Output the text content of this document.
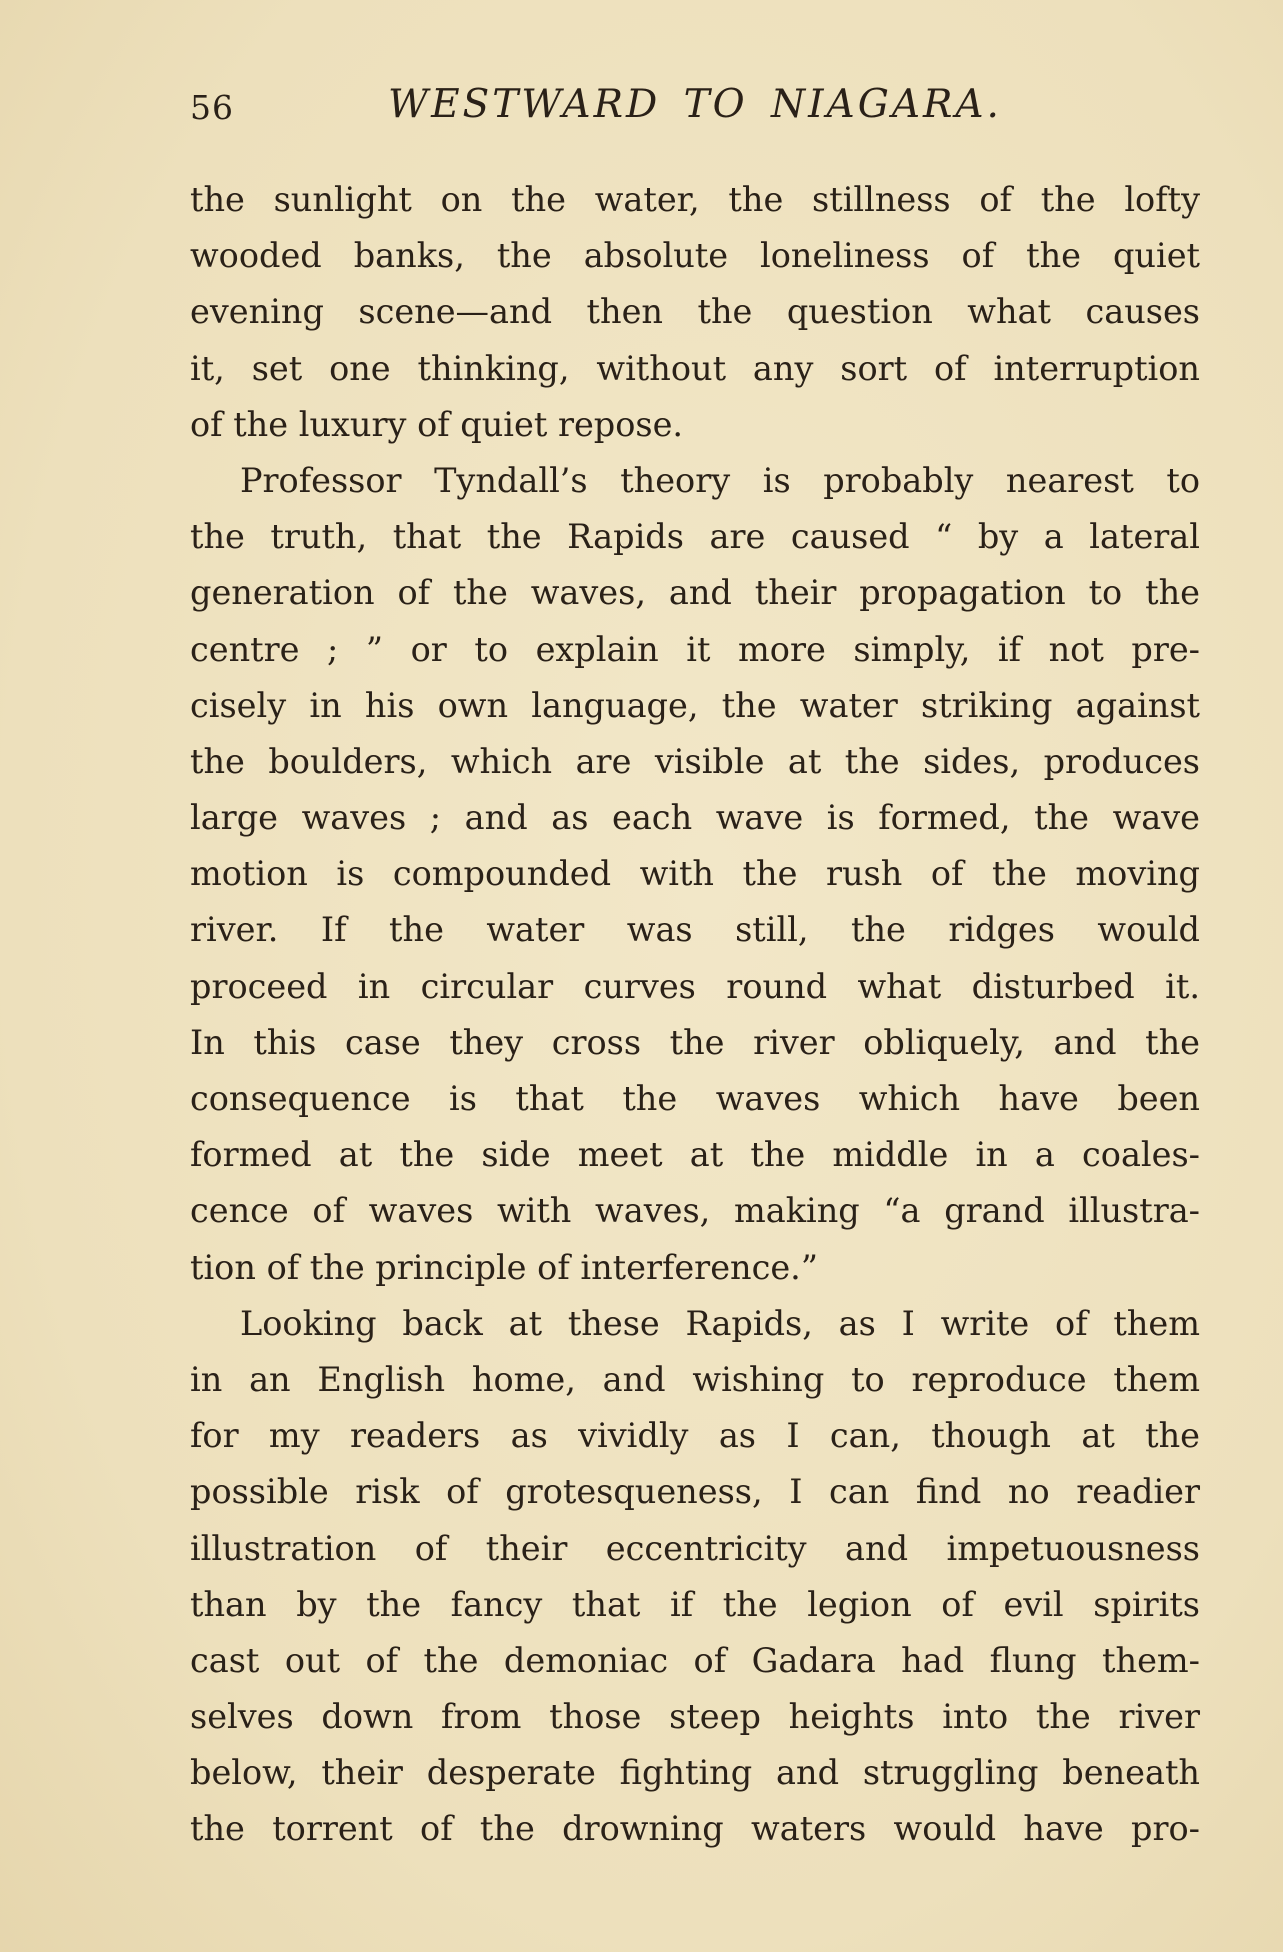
56	WESTWARD TO NIAGARA.
the sunlight on the water, the stillness of the lofty
wooded banks, the absolute loneliness of the quiet
evening scene—and then the question what causes
it, set one thinking, without any sort of interruption
of the luxury of quiet repose.
Professor Tyndall’s theory is probably nearest to
the truth, that the Rapids are caused “ by a lateral
generation of the waves, and their propagation to the
centre ; ” or to explain it more simply, if not pre-
cisely in his own language, the water striking against
the boulders, which are visible at the sides, produces
large waves ; and as each wave is formed, the wave
motion is compounded with the rush of the moving
river. If the water was still, the ridges would
proceed in circular curves round what disturbed it.
In this case they cross the river obliquely, and the
consequence is that the waves which have been
formed at the side meet at the middle in a coales-
cence of waves with waves, making “a grand illustra-
tion of the principle of interference.”
Looking back at these Rapids, as I write of them
in an English home, and wishing to reproduce them
for my readers as vividly as I can, though at the
possible risk of grotesqueness, I can find no readier
illustration of their eccentricity and impetuousness
than by the fancy that if the legion of evil spirits
cast out of the demoniac of Gadara had flung them-
selves down from those steep heights into the river
below, their desperate fighting and struggling beneath
the torrent of the drowning waters would have pro-
